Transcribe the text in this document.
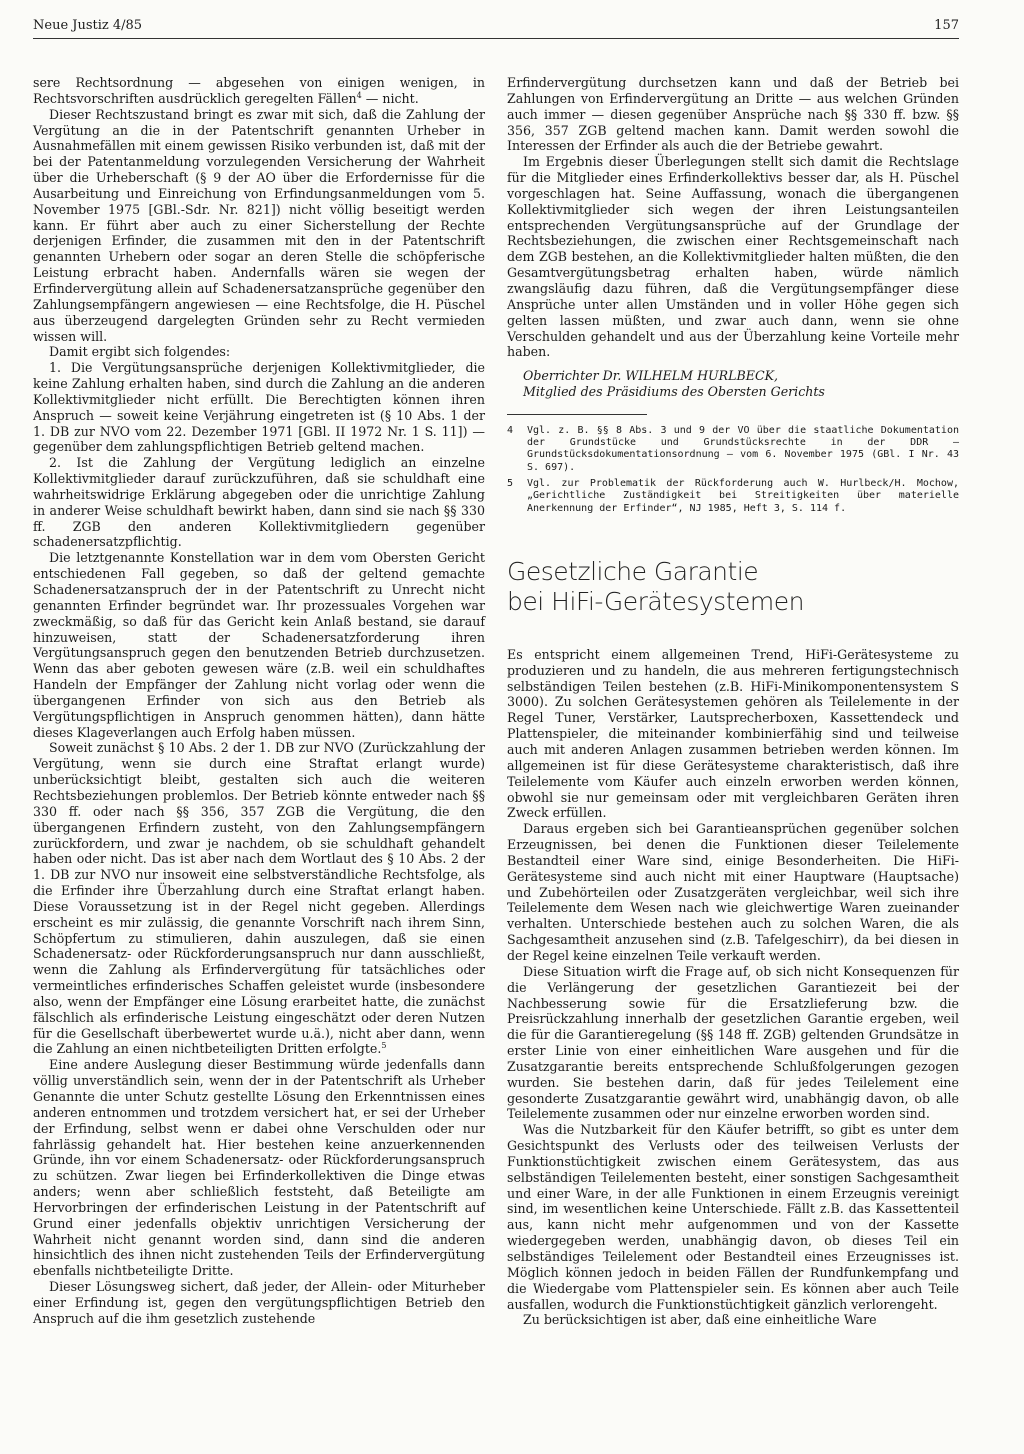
Neue Justiz 4/85	157

sere Rechtsordnung — abgesehen von einigen wenigen, in Rechtsvorschriften ausdrücklich geregelten Fällen$^4$ — nicht.

Dieser Rechtszustand bringt es zwar mit sich, daß die Zahlung der Vergütung an die in der Patentschrift genannten Urheber in Ausnahmefällen mit einem gewissen Risiko verbunden ist, daß mit der bei der Patentanmeldung vorzulegenden Versicherung der Wahrheit über die Urheberschaft (§ 9 der AO über die Erfordernisse für die Ausarbeitung und Einreichung von Erfindungsanmeldungen vom 5. November 1975 [GBl.-Sdr. Nr. 821]) nicht völlig beseitigt werden kann. Er führt aber auch zu einer Sicherstellung der Rechte derjenigen Erfinder, die zusammen mit den in der Patentschrift genannten Urhebern oder sogar an deren Stelle die schöpferische Leistung erbracht haben. Andernfalls wären sie wegen der Erfindervergütung allein auf Schadenersatzansprüche gegenüber den Zahlungsempfängern angewiesen — eine Rechtsfolge, die H. Püschel aus überzeugend dargelegten Gründen sehr zu Recht vermieden wissen will.

Damit ergibt sich folgendes:

1. Die Vergütungsansprüche derjenigen Kollektivmitglieder, die keine Zahlung erhalten haben, sind durch die Zahlung an die anderen Kollektivmitglieder nicht erfüllt. Die Berechtigten können ihren Anspruch — soweit keine Verjährung eingetreten ist (§ 10 Abs. 1 der 1. DB zur NVO vom 22. Dezember 1971 [GBl. II 1972 Nr. 1 S. 11]) — gegenüber dem zahlungspflichtigen Betrieb geltend machen.

2. Ist die Zahlung der Vergütung lediglich an einzelne Kollektivmitglieder darauf zurückzuführen, daß sie schuldhaft eine wahrheitswidrige Erklärung abgegeben oder die unrichtige Zahlung in anderer Weise schuldhaft bewirkt haben, dann sind sie nach §§ 330 ff. ZGB den anderen Kollektivmitgliedern gegenüber schadenersatzpflichtig.

Die letztgenannte Konstellation war in dem vom Obersten Gericht entschiedenen Fall gegeben, so daß der geltend gemachte Schadenersatzanspruch der in der Patentschrift zu Unrecht nicht genannten Erfinder begründet war. Ihr prozessuales Vorgehen war zweckmäßig, so daß für das Gericht kein Anlaß bestand, sie darauf hinzuweisen, statt der Schadenersatzforderung ihren Vergütungsanspruch gegen den benutzenden Betrieb durchzusetzen. Wenn das aber geboten gewesen wäre (z.B. weil ein schuldhaftes Handeln der Empfänger der Zahlung nicht vorlag oder wenn die übergangenen Erfinder von sich aus den Betrieb als Vergütungspflichtigen in Anspruch genommen hätten), dann hätte dieses Klageverlangen auch Erfolg haben müssen.

Soweit zunächst § 10 Abs. 2 der 1. DB zur NVO (Zurückzahlung der Vergütung, wenn sie durch eine Straftat erlangt wurde) unberücksichtigt bleibt, gestalten sich auch die weiteren Rechtsbeziehungen problemlos. Der Betrieb könnte entweder nach §§ 330 ff. oder nach §§ 356, 357 ZGB die Vergütung, die den übergangenen Erfindern zusteht, von den Zahlungsempfängern zurückfordern, und zwar je nachdem, ob sie schuldhaft gehandelt haben oder nicht. Das ist aber nach dem Wortlaut des § 10 Abs. 2 der 1. DB zur NVO nur insoweit eine selbstverständliche Rechtsfolge, als die Erfinder ihre Überzahlung durch eine Straftat erlangt haben. Diese Voraussetzung ist in der Regel nicht gegeben. Allerdings erscheint es mir zulässig, die genannte Vorschrift nach ihrem Sinn, Schöpfertum zu stimulieren, dahin auszulegen, daß sie einen Schadenersatz- oder Rückforderungsanspruch nur dann ausschließt, wenn die Zahlung als Erfindervergütung für tatsächliches oder vermeintliches erfinderisches Schaffen geleistet wurde (insbesondere also, wenn der Empfänger eine Lösung erarbeitet hatte, die zunächst fälschlich als erfinderische Leistung eingeschätzt oder deren Nutzen für die Gesellschaft überbewertet wurde u.ä.), nicht aber dann, wenn die Zahlung an einen nichtbeteiligten Dritten erfolgte.$^5$

Eine andere Auslegung dieser Bestimmung würde jedenfalls dann völlig unverständlich sein, wenn der in der Patentschrift als Urheber Genannte die unter Schutz gestellte Lösung den Erkenntnissen eines anderen entnommen und trotzdem versichert hat, er sei der Urheber der Erfindung, selbst wenn er dabei ohne Verschulden oder nur fahrlässig gehandelt hat. Hier bestehen keine anzuerkennenden Gründe, ihn vor einem Schadenersatz- oder Rückforderungsanspruch zu schützen. Zwar liegen bei Erfinderkollektiven die Dinge etwas anders; wenn aber schließlich feststeht, daß Beteiligte am Hervorbringen der erfinderischen Leistung in der Patentschrift auf Grund einer jedenfalls objektiv unrichtigen Versicherung der Wahrheit nicht genannt worden sind, dann sind die anderen hinsichtlich des ihnen nicht zustehenden Teils der Erfindervergütung ebenfalls nichtbeteiligte Dritte.

Dieser Lösungsweg sichert, daß jeder, der Allein- oder Miturheber einer Erfindung ist, gegen den vergütungspflichtigen Betrieb den Anspruch auf die ihm gesetzlich zustehende

Erfindervergütung durchsetzen kann und daß der Betrieb bei Zahlungen von Erfindervergütung an Dritte — aus welchen Gründen auch immer — diesen gegenüber Ansprüche nach §§ 330 ff. bzw. §§ 356, 357 ZGB geltend machen kann. Damit werden sowohl die Interessen der Erfinder als auch die der Betriebe gewahrt.

Im Ergebnis dieser Überlegungen stellt sich damit die Rechtslage für die Mitglieder eines Erfinderkollektivs besser dar, als H. Püschel vorgeschlagen hat. Seine Auffassung, wonach die übergangenen Kollektivmitglieder sich wegen der ihren Leistungsanteilen entsprechenden Vergütungsansprüche auf der Grundlage der Rechtsbeziehungen, die zwischen einer Rechtsgemeinschaft nach dem ZGB bestehen, an die Kollektivmitglieder halten müßten, die den Gesamtvergütungsbetrag erhalten haben, würde nämlich zwangsläufig dazu führen, daß die Vergütungsempfänger diese Ansprüche unter allen Umständen und in voller Höhe gegen sich gelten lassen müßten, und zwar auch dann, wenn sie ohne Verschulden gehandelt und aus der Überzahlung keine Vorteile mehr haben.

Oberrichter Dr. WILHELM HURLBECK,

Mitglied des Präsidiums des Obersten Gerichts

4 Vgl. z. B. §§ 8 Abs. 3 und 9 der VO über die staatliche Dokumentation der Grundstücke und Grundstücksrechte in der DDR – Grundstücksdokumentationsordnung – vom 6. November 1975 (GBl. I Nr. 43 S. 697).
5 Vgl. zur Problematik der Rückforderung auch W. Hurlbeck/H. Mochow, „Gerichtliche Zuständigkeit bei Streitigkeiten über materielle Anerkennung der Erfinder“, NJ 1985, Heft 3, S. 114 f.
Gesetzliche Garantie
bei HiFi-Gerätesystemen

Es entspricht einem allgemeinen Trend, HiFi-Gerätesysteme zu produzieren und zu handeln, die aus mehreren fertigungstechnisch selbständigen Teilen bestehen (z.B. HiFi-Minikomponentensystem S 3000). Zu solchen Gerätesystemen gehören als Teilelemente in der Regel Tuner, Verstärker, Lautsprecherboxen, Kassettendeck und Plattenspieler, die miteinander kombinierfähig sind und teilweise auch mit anderen Anlagen zusammen betrieben werden können. Im allgemeinen ist für diese Gerätesysteme charakteristisch, daß ihre Teilelemente vom Käufer auch einzeln erworben werden können, obwohl sie nur gemeinsam oder mit vergleichbaren Geräten ihren Zweck erfüllen.

Daraus ergeben sich bei Garantieansprüchen gegenüber solchen Erzeugnissen, bei denen die Funktionen dieser Teilelemente Bestandteil einer Ware sind, einige Besonderheiten. Die HiFi-Gerätesysteme sind auch nicht mit einer Hauptware (Hauptsache) und Zubehörteilen oder Zusatzgeräten vergleichbar, weil sich ihre Teilelemente dem Wesen nach wie gleichwertige Waren zueinander verhalten. Unterschiede bestehen auch zu solchen Waren, die als Sachgesamtheit anzusehen sind (z.B. Tafelgeschirr), da bei diesen in der Regel keine einzelnen Teile verkauft werden.

Diese Situation wirft die Frage auf, ob sich nicht Konsequenzen für die Verlängerung der gesetzlichen Garantiezeit bei der Nachbesserung sowie für die Ersatzlieferung bzw. die Preisrückzahlung innerhalb der gesetzlichen Garantie ergeben, weil die für die Garantieregelung (§§ 148 ff. ZGB) geltenden Grundsätze in erster Linie von einer einheitlichen Ware ausgehen und für die Zusatzgarantie bereits entsprechende Schlußfolgerungen gezogen wurden. Sie bestehen darin, daß für jedes Teilelement eine gesonderte Zusatzgarantie gewährt wird, unabhängig davon, ob alle Teilelemente zusammen oder nur einzelne erworben worden sind.

Was die Nutzbarkeit für den Käufer betrifft, so gibt es unter dem Gesichtspunkt des Verlusts oder des teilweisen Verlusts der Funktionstüchtigkeit zwischen einem Gerätesystem, das aus selbständigen Teilelementen besteht, einer sonstigen Sachgesamtheit und einer Ware, in der alle Funktionen in einem Erzeugnis vereinigt sind, im wesentlichen keine Unterschiede. Fällt z.B. das Kassettenteil aus, kann nicht mehr aufgenommen und von der Kassette wiedergegeben werden, unabhängig davon, ob dieses Teil ein selbständiges Teilelement oder Bestandteil eines Erzeugnisses ist. Möglich können jedoch in beiden Fällen der Rundfunkempfang und die Wiedergabe vom Plattenspieler sein. Es können aber auch Teile ausfallen, wodurch die Funktionstüchtigkeit gänzlich verlorengeht.

Zu berücksichtigen ist aber, daß eine einheitliche Ware
